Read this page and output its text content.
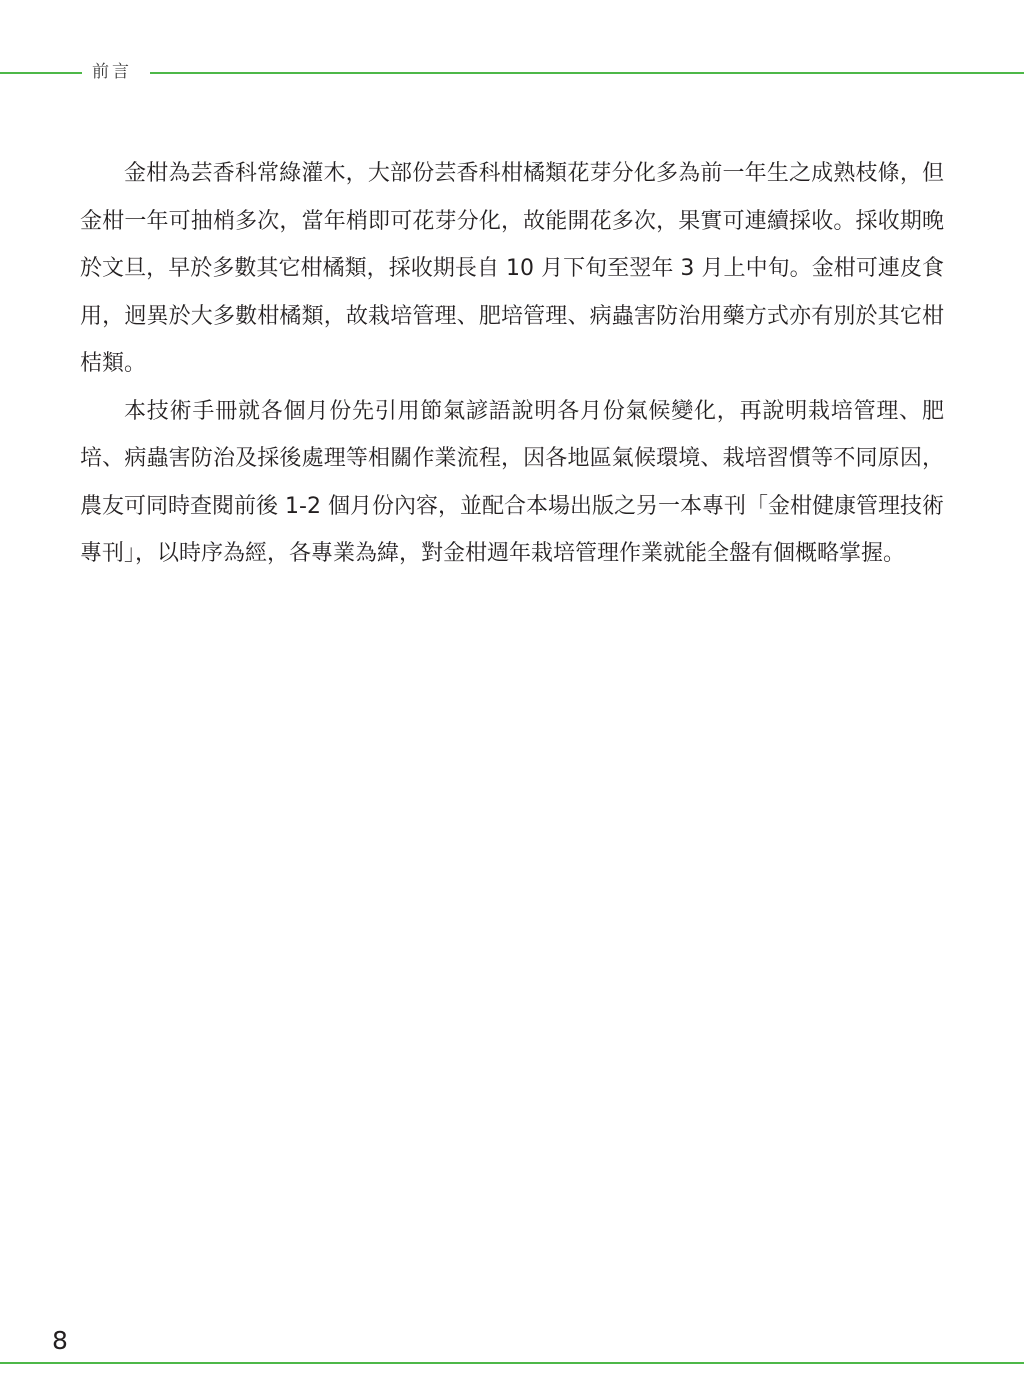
前言

金柑為芸香科常綠灌木，大部份芸香科柑橘類花芽分化多為前一年生之成熟枝條，但金柑一年可抽梢多次，當年梢即可花芽分化，故能開花多次，果實可連續採收。採收期晚於文旦，早於多數其它柑橘類，採收期長自 10 月下旬至翌年 3 月上中旬。金柑可連皮食用，迥異於大多數柑橘類，故栽培管理、肥培管理、病蟲害防治用藥方式亦有別於其它柑桔類。

本技術手冊就各個月份先引用節氣諺語說明各月份氣候變化，再說明栽培管理、肥培、病蟲害防治及採後處理等相關作業流程，因各地區氣候環境、栽培習慣等不同原因，農友可同時查閱前後 1-2 個月份內容，並配合本場出版之另一本專刊「金柑健康管理技術專刊」，以時序為經，各專業為緯，對金柑週年栽培管理作業就能全盤有個概略掌握。

8
